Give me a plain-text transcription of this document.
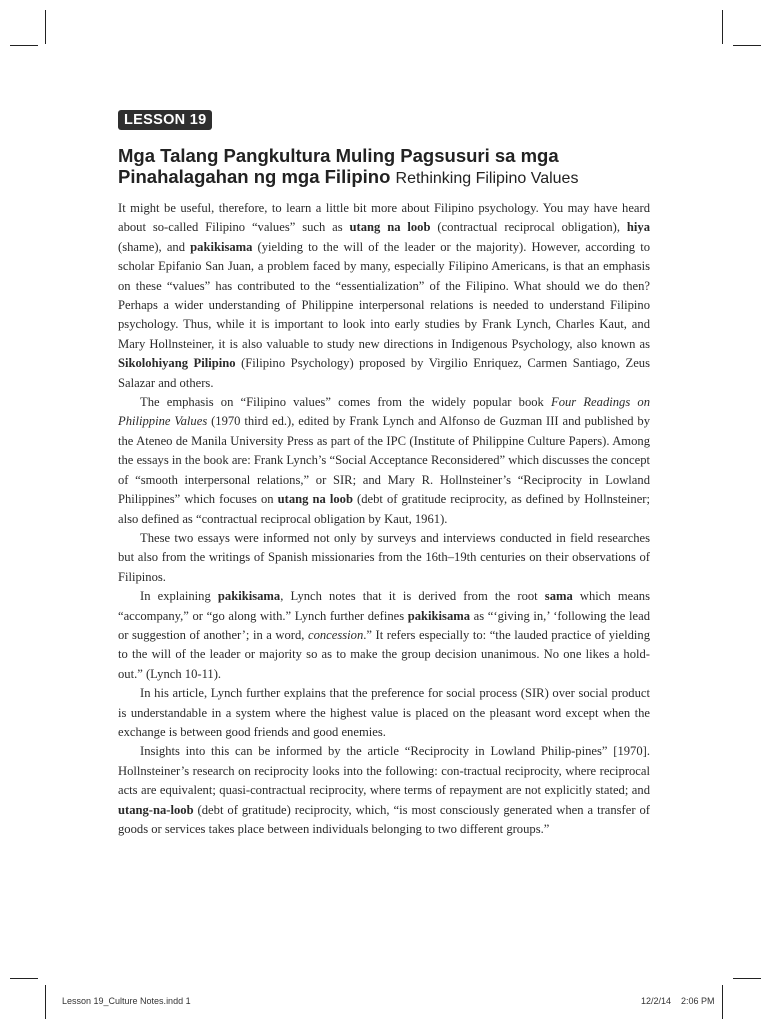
LESSON 19
Mga Talang Pangkultura Muling Pagsusuri sa mga Pinahalagahan ng mga Filipino Rethinking Filipino Values

It might be useful, therefore, to learn a little bit more about Filipino psychology. You may have heard about so-called Filipino “values” such as utang na loob (contractual reciprocal obligation), hiya (shame), and pakikisama (yielding to the will of the leader or the majority). However, according to scholar Epifanio San Juan, a problem faced by many, especially Filipino Americans, is that an emphasis on these “values” has contributed to the “essentialization” of the Filipino. What should we do then? Perhaps a wider understanding of Philippine interpersonal relations is needed to understand Filipino psychology. Thus, while it is important to look into early studies by Frank Lynch, Charles Kaut, and Mary Hollnsteiner, it is also valuable to study new directions in Indigenous Psychology, also known as Sikolohiyang Pilipino (Filipino Psychology) proposed by Virgilio Enriquez, Carmen Santiago, Zeus Salazar and others.

The emphasis on “Filipino values” comes from the widely popular book Four Readings on Philippine Values (1970 third ed.), edited by Frank Lynch and Alfonso de Guzman III and published by the Ateneo de Manila University Press as part of the IPC (Institute of Philippine Culture Papers). Among the essays in the book are: Frank Lynch’s “Social Acceptance Reconsidered” which discusses the concept of “smooth interpersonal relations,” or SIR; and Mary R. Hollnsteiner’s “Reciprocity in Lowland Philippines” which focuses on utang na loob (debt of gratitude reciprocity, as defined by Hollnsteiner; also defined as “contractual reciprocal obligation by Kaut, 1961).

These two essays were informed not only by surveys and interviews conducted in field researches but also from the writings of Spanish missionaries from the 16th–19th centuries on their observations of Filipinos.

In explaining pakikisama, Lynch notes that it is derived from the root sama which means “accompany,” or “go along with.” Lynch further defines pakikisama as “‘giving in,’ ‘following the lead or suggestion of another’; in a word, concession.” It refers especially to: “the lauded practice of yielding to the will of the leader or majority so as to make the group decision unanimous. No one likes a hold-out.” (Lynch 10-11).

In his article, Lynch further explains that the preference for social process (SIR) over social product is understandable in a system where the highest value is placed on the pleasant word except when the exchange is between good friends and good enemies.

Insights into this can be informed by the article “Reciprocity in Lowland Philip-pines” [1970]. Hollnsteiner’s research on reciprocity looks into the following: con-tractual reciprocity, where reciprocal acts are equivalent; quasi-contractual reciprocity, where terms of repayment are not explicitly stated; and utang-na-loob (debt of gratitude) reciprocity, which, “is most consciously generated when a transfer of goods or services takes place between individuals belonging to two different groups.”

Lesson 19_Culture Notes.indd 1	12/2/14 2:06 PM
